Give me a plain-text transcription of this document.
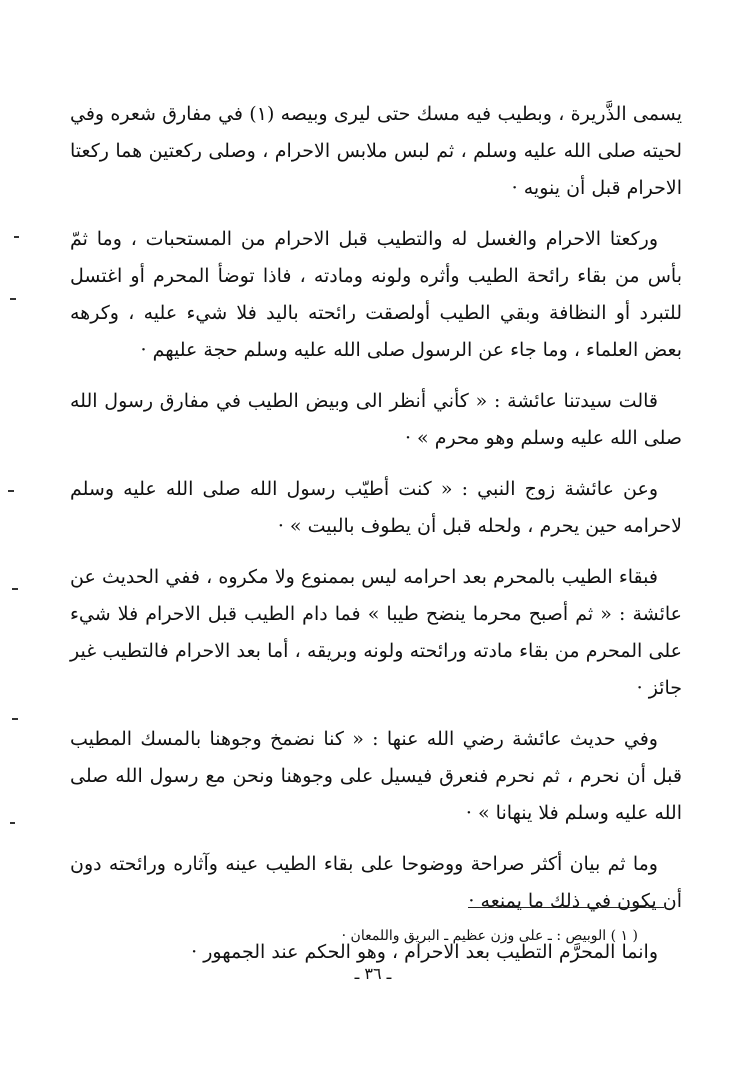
يسمى الذَّريرة ، وبطيب فيه مسك حتى ليرى وبيصه (١) في مفارق شعره وفي لحيته صلى الله عليه وسلم ، ثم لبس ملابس الاحرام ، وصلى ركعتين هما ركعتا الاحرام قبل أن ينويه ·

وركعتا الاحرام والغسل له والتطيب قبل الاحرام من المستحبات ، وما ثمّ بأس من بقاء رائحة الطيب وأثره ولونه ومادته ، فاذا توضأ المحرم أو اغتسل للتبرد أو النظافة وبقي الطيب أولصقت رائحته باليد فلا شيء عليه ، وكرهه بعض العلماء ، وما جاء عن الرسول صلى الله عليه وسلم حجة عليهم ·

قالت سيدتنا عائشة : « كأني أنظر الى وبيض الطيب في مفارق رسول الله صلى الله عليه وسلم وهو محرم » ·

وعن عائشة زوج النبي : « كنت أطيّب رسول الله صلى الله عليه وسلم لاحرامه حين يحرم ، ولحله قبل أن يطوف بالبيت » ·

فبقاء الطيب بالمحرم بعد احرامه ليس بممنوع ولا مكروه ، ففي الحديث عن عائشة : « ثم أصبح محرما ينضح طيبا » فما دام الطيب قبل الاحرام فلا شيء على المحرم من بقاء مادته ورائحته ولونه وبريقه ، أما بعد الاحرام فالتطيب غير جائز ·

وفي حديث عائشة رضي الله عنها : « كنا نضمخ وجوهنا بالمسك المطيب قبل أن نحرم ، ثم نحرم فنعرق فيسيل على وجوهنا ونحن مع رسول الله صلى الله عليه وسلم فلا ينهانا » ·

وما ثم بيان أكثر صراحة ووضوحا على بقاء الطيب عينه وآثاره ورائحته دون أن يكون في ذلك ما يمنعه ·

وانما المحرَّم التطيب بعد الاحرام ، وهو الحكم عند الجمهور ·

( ١ ) الوبيص : ـ على وزن عظيم ـ البريق واللمعان ·
ـ ٣٦ ـ
